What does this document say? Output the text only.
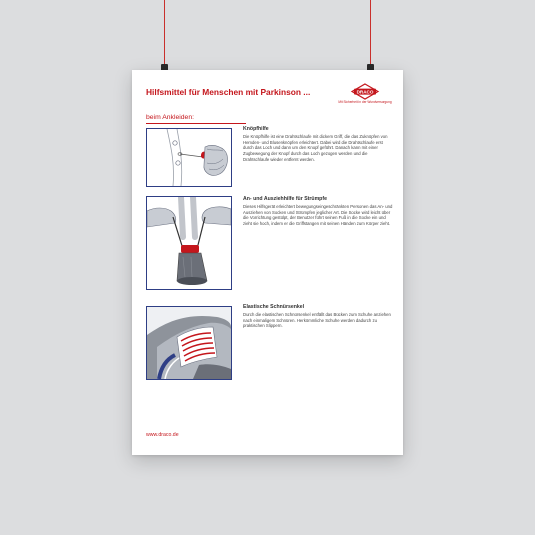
Hilfsmittel für Menschen mit Parkinson ...	DRACO
Mit Sicherheit in der Wundversorgung
beim Ankleiden:
Knöpfhilfe
Die Knöpfhilfe ist eine Drahtschlaufe mit dickem Griff, die das Zuknöpfen von Hemden- und Blusenknöpfen erleichtert. Dabei wird die Drahtschlaufe erst durch das Loch und dann um den Knopf geführt. Danach kann mit einer Zugbewegung der Knopf durch das Loch gezogen werden und die Drahtschlaufe wieder entfernt werden.
An- und Ausziehhilfe für Strümpfe
Dieses Hilfsgerät erleichtert bewegungseingeschränkten Personen das An- und Ausziehen von Socken und Strümpfen jeglicher Art. Die Socke wird leicht über die Vorrichtung gestülpt, der Benutzer führt seinen Fuß in die Socke ein und zieht sie hoch, indem er die Griffstangen mit seinen Händen zum Körper zieht.
Elastische Schnürsenkel
Durch die elastischen Schnürsenkel entfällt das Bücken zum Schuhe anziehen nach einmaligem Schnüren. Herkömmliche Schuhe werden dadurch zu praktischen Slippern.
www.draco.de
